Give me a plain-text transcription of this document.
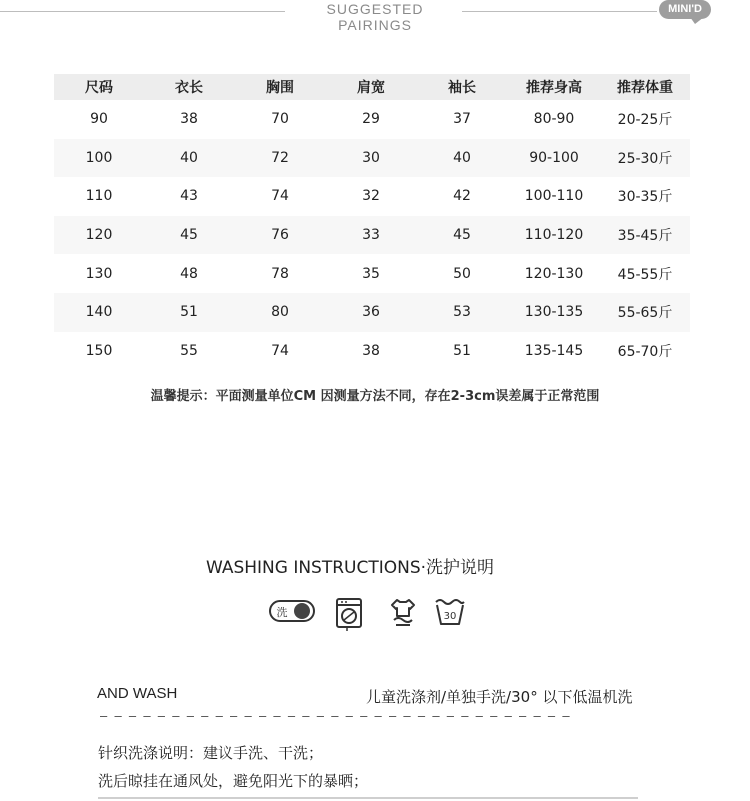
SUGGESTED PAIRINGS
MINI'D
尺码	衣长	胸围	肩宽	袖长	推荐身高	推荐体重
90	38	70	29	37	80-90	20-25斤
100	40	72	30	40	90-100	25-30斤
110	43	74	32	42	100-110	30-35斤
120	45	76	33	45	110-120	35-45斤
130	48	78	35	50	120-130	45-55斤
140	51	80	36	53	130-135	55-65斤
150	55	74	38	51	135-145	65-70斤
温馨提示：平面测量单位CM 因测量方法不同，存在2-3cm误差属于正常范围
WASHING INSTRUCTIONS·洗护说明
洗	30
AND WASH	儿童洗涤剂/单独手洗/30° 以下低温机洗
— — — — — — — — — — — — — — — — — — — — — — — — — — — — — — — — —
针织洗涤说明：建议手洗、干洗；
洗后晾挂在通风处，避免阳光下的暴晒；
